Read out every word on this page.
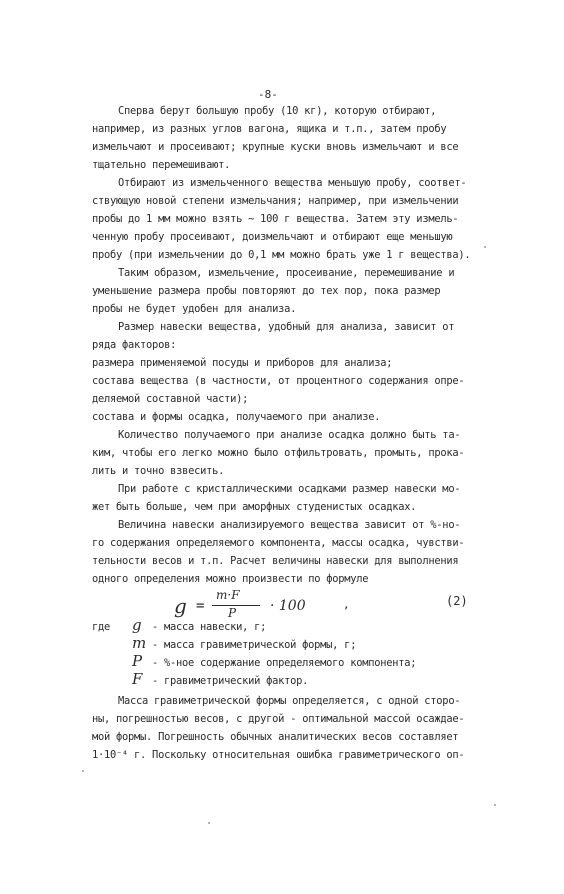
-8-
Сперва берут большую пробу (10 кг), которую отбирают,
например, из разных углов вагона, ящика и т.п., затем пробу
измельчают и просеивают; крупные куски вновь измельчают и все
тщательно перемешивают.
Отбирают из измельченного вещества меньшую пробу, соответ-
ствующую новой степени измельчания; например, при измельчении
пробы до 1 мм можно взять ~ 100 г вещества. Затем эту измель-
ченную пробу просеивают, доизмельчают и отбирают еще меньшую
пробу (при измельчении до 0,1 мм можно брать уже 1 г вещества).
Таким образом, измельчение, просеивание, перемешивание и
уменьшение размера пробы повторяют до тех пор, пока размер
пробы не будет удобен для анализа.
Размер навески вещества, удобный для анализа, зависит от
ряда факторов:
размера применяемой посуды и приборов для анализа;
состава вещества (в частности, от процентного содержания опре-
деляемой составной части);
состава и формы осадка, получаемого при анализе.
Количество получаемого при анализе осадка должно быть та-
ким, чтобы его легко можно было отфильтровать, промыть, прока-
лить и точно взвесить.
При работе с кристаллическими осадками размер навески мо-
жет быть больше, чем при аморфных студенистых осадках.
Величина навески анализируемого вещества зависит от %-но-
го содержания определяемого компонента, массы осадка, чувстви-
тельности весов и т.п. Расчет величины навески для выполнения
одного определения можно произвести по формуле
g =
m·F
P · 100	,	(2)
где g - масса навески, г;
m - масса гравиметрической формы, г;
P - %-ное содержание определяемого компонента;
F - гравиметрический фактор.
Масса гравиметрической формы определяется, с одной сторо-
ны, погрешностью весов, с другой - оптимальной массой осаждае-
мой формы. Погрешность обычных аналитических весов составляет
1·10⁻⁴ г. Поскольку относительная ошибка гравиметрического оп-
